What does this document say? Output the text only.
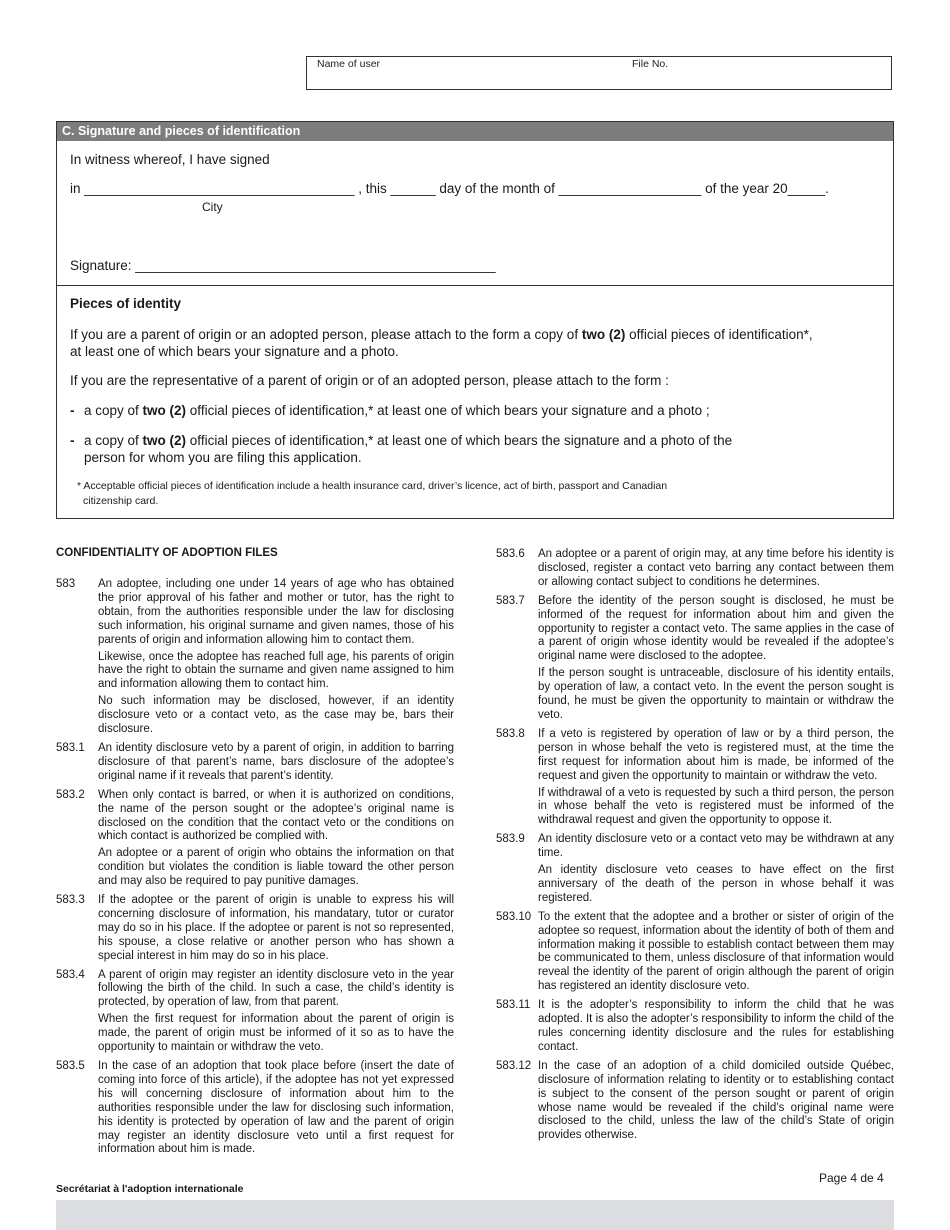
Name of user	File No.
C. Signature and pieces of identification
In witness whereof, I have signed
in ____________________________________ , this ______ day of the month of ___________________ of the year 20_____.
City
Signature: ________________________________________________
Pieces of identity
If you are a parent of origin or an adopted person, please attach to the form a copy of two (2) official pieces of identification*,
at least one of which bears your signature and a photo.
If you are the representative of a parent of origin or of an adopted person, please attach to the form :
- a copy of two (2) official pieces of identification,* at least one of which bears your signature and a photo ;
- a copy of two (2) official pieces of identification,* at least one of which bears the signature and a photo of the
person for whom you are filing this application.
* Acceptable official pieces of identification include a health insurance card, driver’s licence, act of birth, passport and Canadian
citizenship card.
CONFIDENTIALITY OF ADOPTION FILES
583	An adoptee, including one under 14 years of age who has obtained the prior approval of his father and mother or tutor, has the right to obtain, from the authorities responsible under the law for disclosing such information, his original surname and given names, those of his parents of origin and information allowing him to contact them.

Likewise, once the adoptee has reached full age, his parents of origin have the right to obtain the surname and given name assigned to him and information allowing them to contact him.

No such information may be disclosed, however, if an identity disclosure veto or a contact veto, as the case may be, bars their disclosure.

583.1	An identity disclosure veto by a parent of origin, in addition to barring disclosure of that parent’s name, bars disclosure of the adoptee’s original name if it reveals that parent’s identity.

583.2	When only contact is barred, or when it is authorized on conditions, the name of the person sought or the adoptee’s original name is disclosed on the condition that the contact veto or the conditions on which contact is authorized be complied with.

An adoptee or a parent of origin who obtains the information on that condition but violates the condition is liable toward the other person and may also be required to pay punitive damages.

583.3	If the adoptee or the parent of origin is unable to express his will concerning disclosure of information, his mandatary, tutor or curator may do so in his place. If the adoptee or parent is not so represented, his spouse, a close relative or another person who has shown a special interest in him may do so in his place.

583.4	A parent of origin may register an identity disclosure veto in the year following the birth of the child. In such a case, the child’s identity is protected, by operation of law, from that parent.

When the first request for information about the parent of origin is made, the parent of origin must be informed of it so as to have the opportunity to maintain or withdraw the veto.

583.5	In the case of an adoption that took place before (insert the date of coming into force of this article), if the adoptee has not yet expressed his will concerning disclosure of information about him to the authorities responsible under the law for disclosing such information, his identity is protected by operation of law and the parent of origin may register an identity disclosure veto until a first request for information about him is made.

583.6	An adoptee or a parent of origin may, at any time before his identity is disclosed, register a contact veto barring any contact between them or allowing contact subject to conditions he determines.

583.7	Before the identity of the person sought is disclosed, he must be informed of the request for information about him and given the opportunity to register a contact veto. The same applies in the case of a parent of origin whose identity would be revealed if the adoptee’s original name were disclosed to the adoptee.

If the person sought is untraceable, disclosure of his identity entails, by operation of law, a contact veto. In the event the person sought is found, he must be given the opportunity to maintain or withdraw the veto.

583.8	If a veto is registered by operation of law or by a third person, the person in whose behalf the veto is registered must, at the time the first request for information about him is made, be informed of the request and given the opportunity to maintain or withdraw the veto.

If withdrawal of a veto is requested by such a third person, the person in whose behalf the veto is registered must be informed of the withdrawal request and given the opportunity to oppose it.

583.9	An identity disclosure veto or a contact veto may be withdrawn at any time.

An identity disclosure veto ceases to have effect on the first anniversary of the death of the person in whose behalf it was registered.

583.10 To the extent that the adoptee and a brother or sister of origin of the adoptee so request, information about the identity of both of them and information making it possible to establish contact between them may be communicated to them, unless disclosure of that information would reveal the identity of the parent of origin although the parent of origin has registered an identity disclosure veto.

583.11 It is the adopter’s responsibility to inform the child that he was adopted. It is also the adopter’s responsibility to inform the child of the rules concerning identity disclosure and the rules for establishing contact.

583.12 In the case of an adoption of a child domiciled outside Québec, disclosure of information relating to identity or to establishing contact is subject to the consent of the person sought or parent of origin whose name would be revealed if the child’s original name were disclosed to the child, unless the law of the child’s State of origin provides otherwise.

Page 4 de 4
Secrétariat à l'adoption internationale
